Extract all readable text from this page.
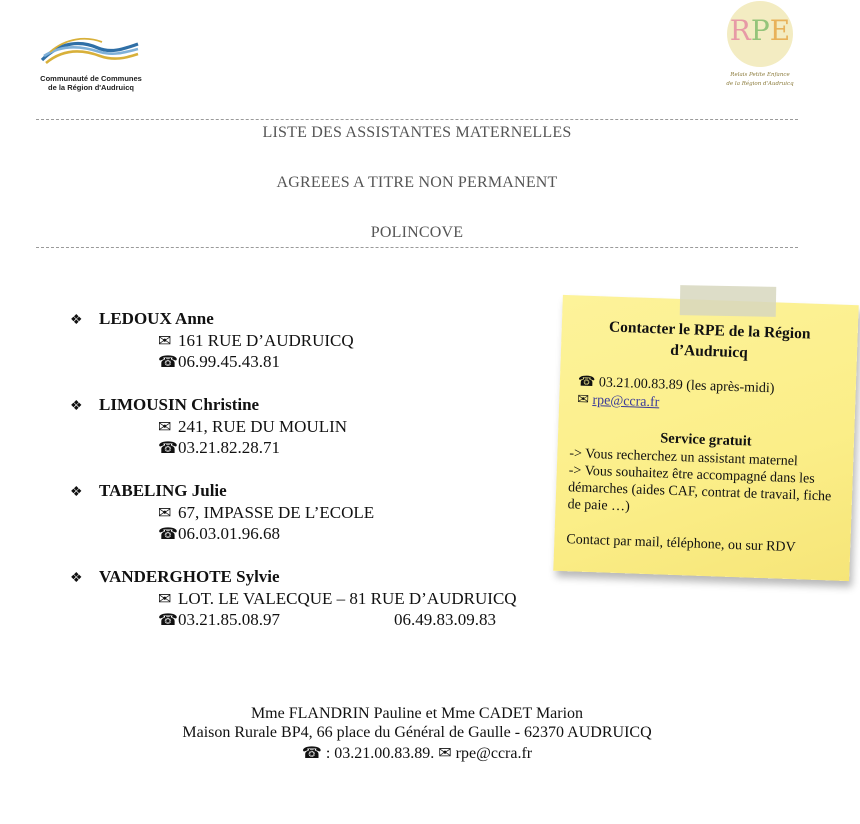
Communauté de Communes
de la Région d'Audruicq
RPE
Relais Petite Enfance
de la Région d'Audruicq
LISTE DES ASSISTANTES MATERNELLES
AGREEES A TITRE NON PERMANENT
POLINCOVE
❖ LEDOUX Anne
✉ 161 RUE D’AUDRUICQ
☎06.99.45.43.81
❖ LIMOUSIN Christine
✉ 241, RUE DU MOULIN
☎03.21.82.28.71
❖ TABELING Julie
✉ 67, IMPASSE DE L’ECOLE
☎06.03.01.96.68
❖ VANDERGHOTE Sylvie
✉ LOT. LE VALECQUE – 81 RUE D’AUDRUICQ
☎03.21.85.08.97	06.49.83.09.83
Contacter le RPE de la Région
d’Audruicq
☎ 03.21.00.83.89 (les après-midi)
✉ rpe@ccra.fr
Service gratuit
-> Vous recherchez un assistant maternel
-> Vous souhaitez être accompagné dans les démarches (aides CAF, contrat de travail, fiche de paie …)
Contact par mail, téléphone, ou sur RDV
Mme FLANDRIN Pauline et Mme CADET Marion
Maison Rurale BP4, 66 place du Général de Gaulle - 62370 AUDRUICQ
☎ : 03.21.00.83.89. ✉ rpe@ccra.fr
